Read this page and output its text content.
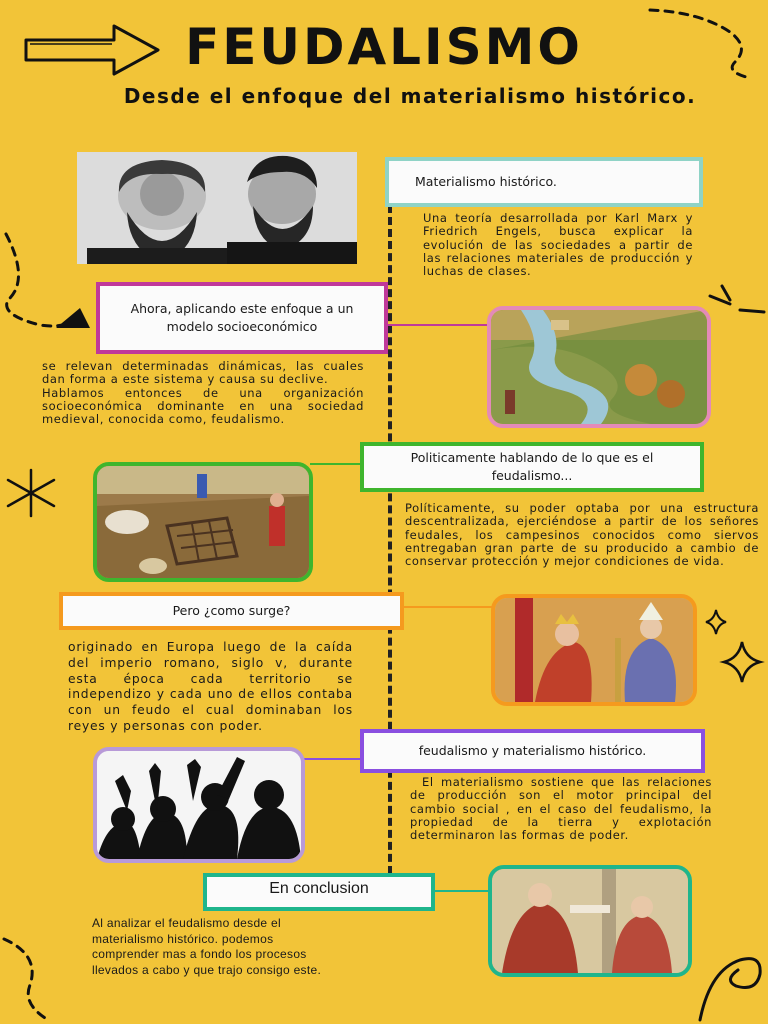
FEUDALISMO
Desde el enfoque del materialismo histórico.
Materialismo histórico.
Una teoría desarrollada por Karl Marx y Friedrich Engels, busca explicar la evolución de las sociedades a partir de las relaciones materiales de producción y luchas de clases.
Ahora, aplicando este enfoque a un modelo socioeconómico
se relevan determinadas dinámicas, las cuales dan forma a este sistema y causa su declive.
Hablamos entonces de una organización socioeconómica dominante en una sociedad medieval, conocida como, feudalismo.
Politicamente hablando de lo que es el feudalismo...
Políticamente, su poder optaba por una estructura descentralizada, ejerciéndose a partir de los señores feudales, los campesinos conocidos como siervos entregaban gran parte de su producido a cambio de conservar protección y mejor condiciones de vida.
Pero ¿como surge?
originado en Europa luego de la caída del imperio romano, siglo v, durante esta época cada territorio se independizo y cada uno de ellos contaba con un feudo el cual dominaban los reyes y personas con poder.
feudalismo y materialismo histórico.
El materialismo sostiene que las relaciones de producción son el motor principal del cambio social , en el caso del feudalismo, la propiedad de la tierra y explotación determinaron las formas de poder.
En conclusion
Al analizar el feudalismo desde el materialismo histórico. podemos comprender mas a fondo los procesos llevados a cabo y que trajo consigo este.
